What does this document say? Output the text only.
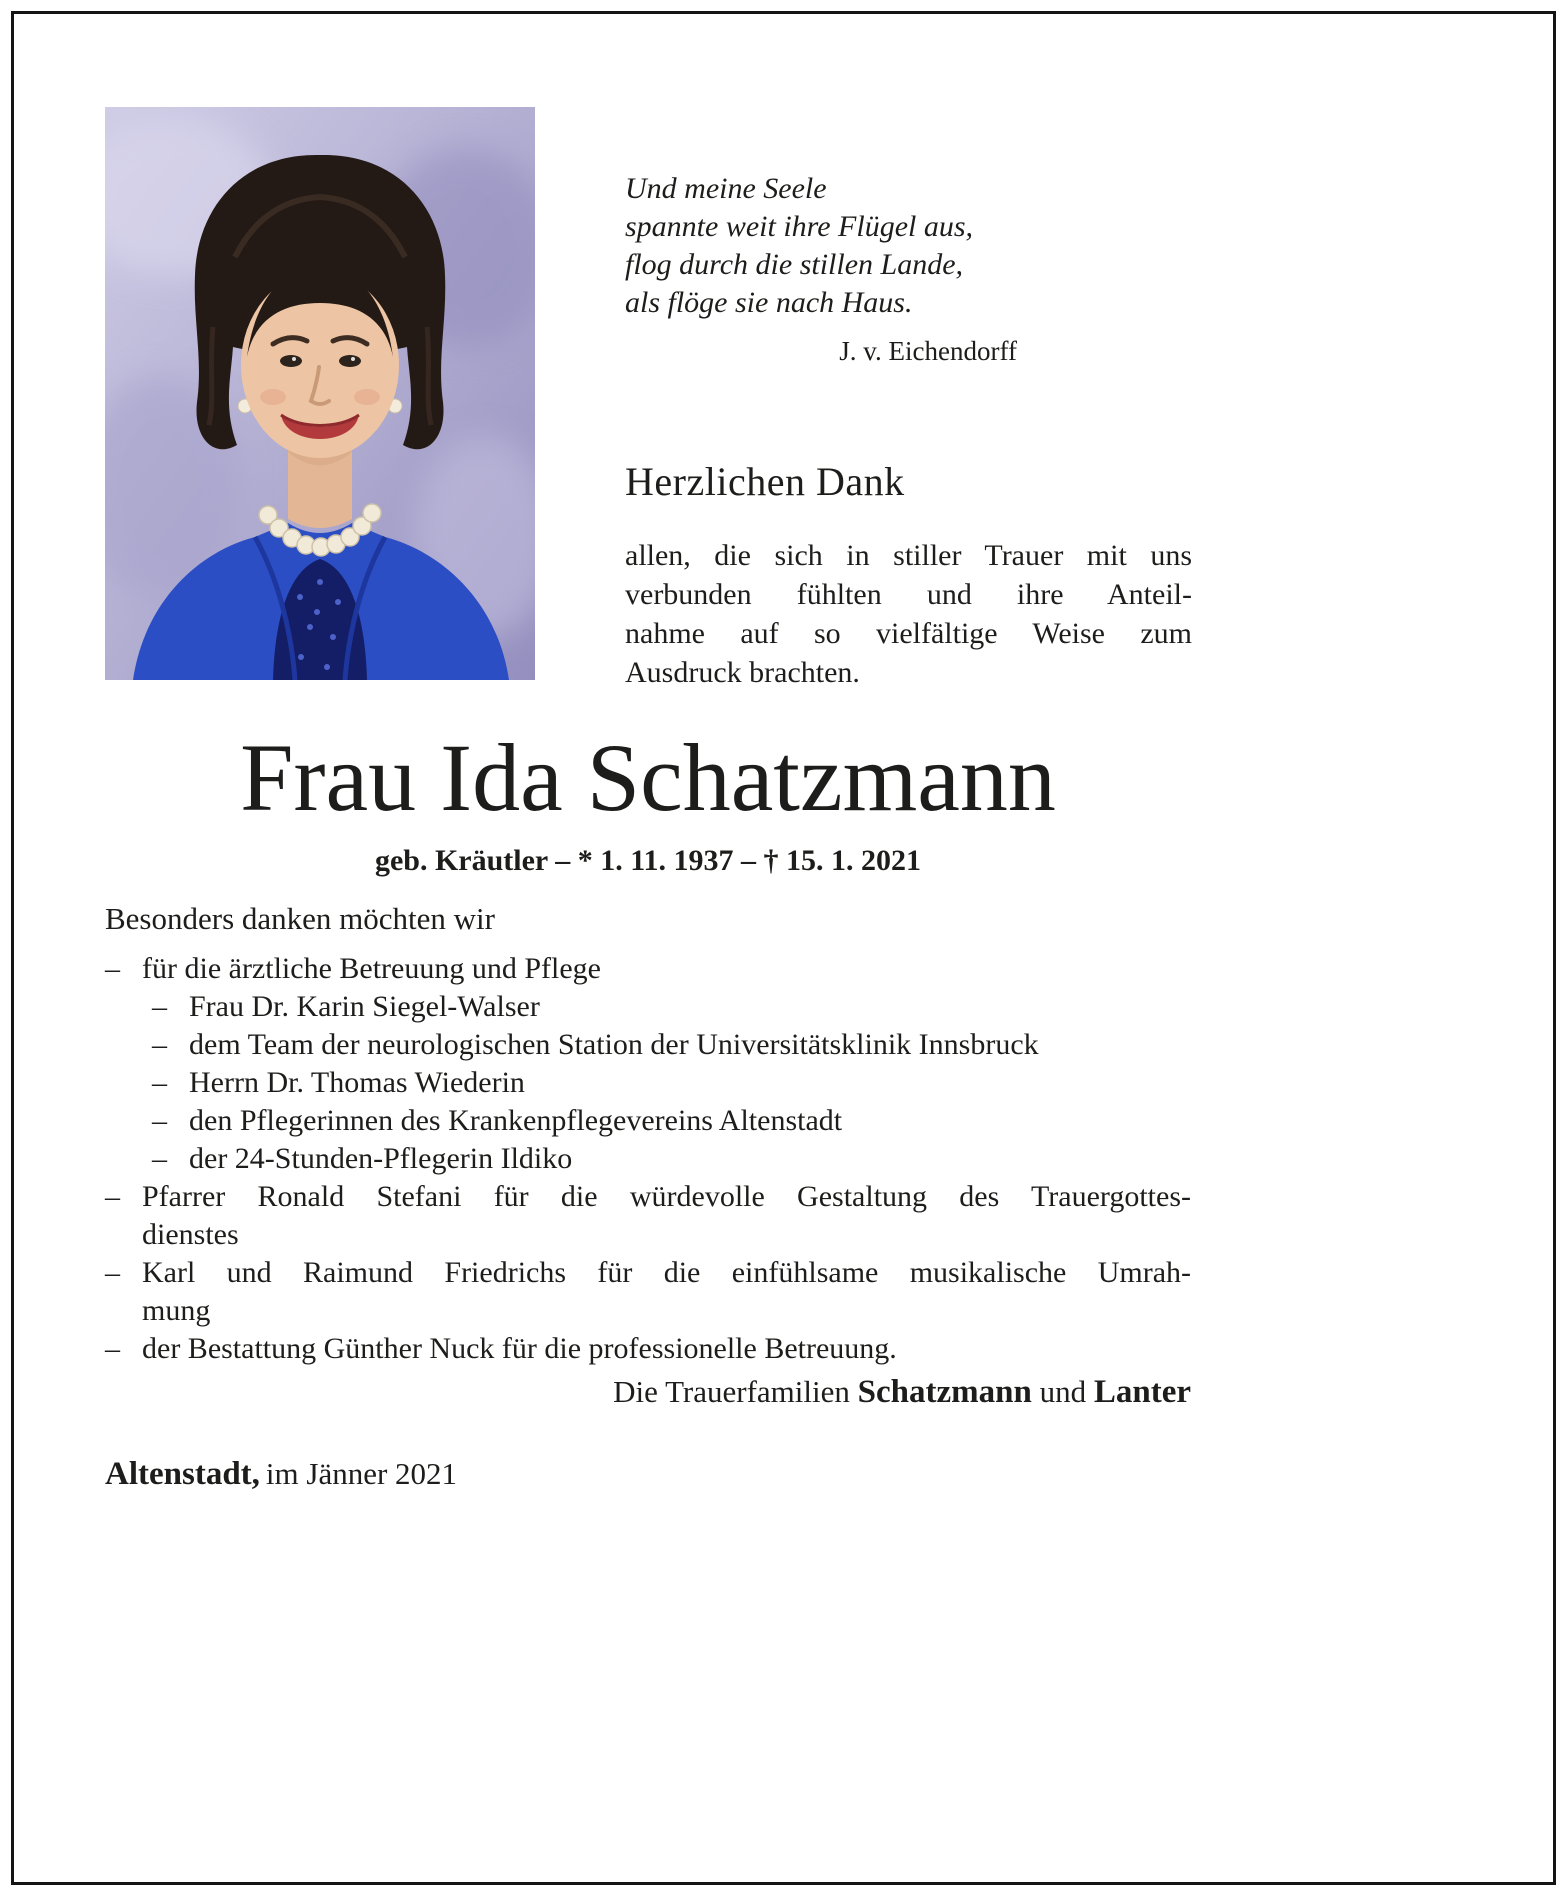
Und meine Seele
spannte weit ihre Flügel aus,
flog durch die stillen Lande,
als flöge sie nach Haus.
J. v. Eichendorff
Herzlichen Dank
allen, die sich in stiller Trauer mit uns
verbunden fühlten und ihre Anteil-
nahme auf so vielfältige Weise zum
Ausdruck brachten.
Frau Ida Schatzmann
geb. Kräutler – * 1. 11. 1937 – † 15. 1. 2021
Besonders danken möchten wir
– für die ärztliche Betreuung und Pflege
– Frau Dr. Karin Siegel-Walser
– dem Team der neurologischen Station der Universitätsklinik Innsbruck
– Herrn Dr. Thomas Wiederin
– den Pflegerinnen des Krankenpflegevereins Altenstadt
– der 24-Stunden-Pflegerin Ildiko
– Pfarrer Ronald Stefani für die würdevolle Gestaltung des Trauergottes-
dienstes
– Karl und Raimund Friedrichs für die einfühlsame musikalische Umrah-
mung
– der Bestattung Günther Nuck für die professionelle Betreuung.
Die Trauerfamilien Schatzmann und Lanter
Altenstadt, im Jänner 2021
